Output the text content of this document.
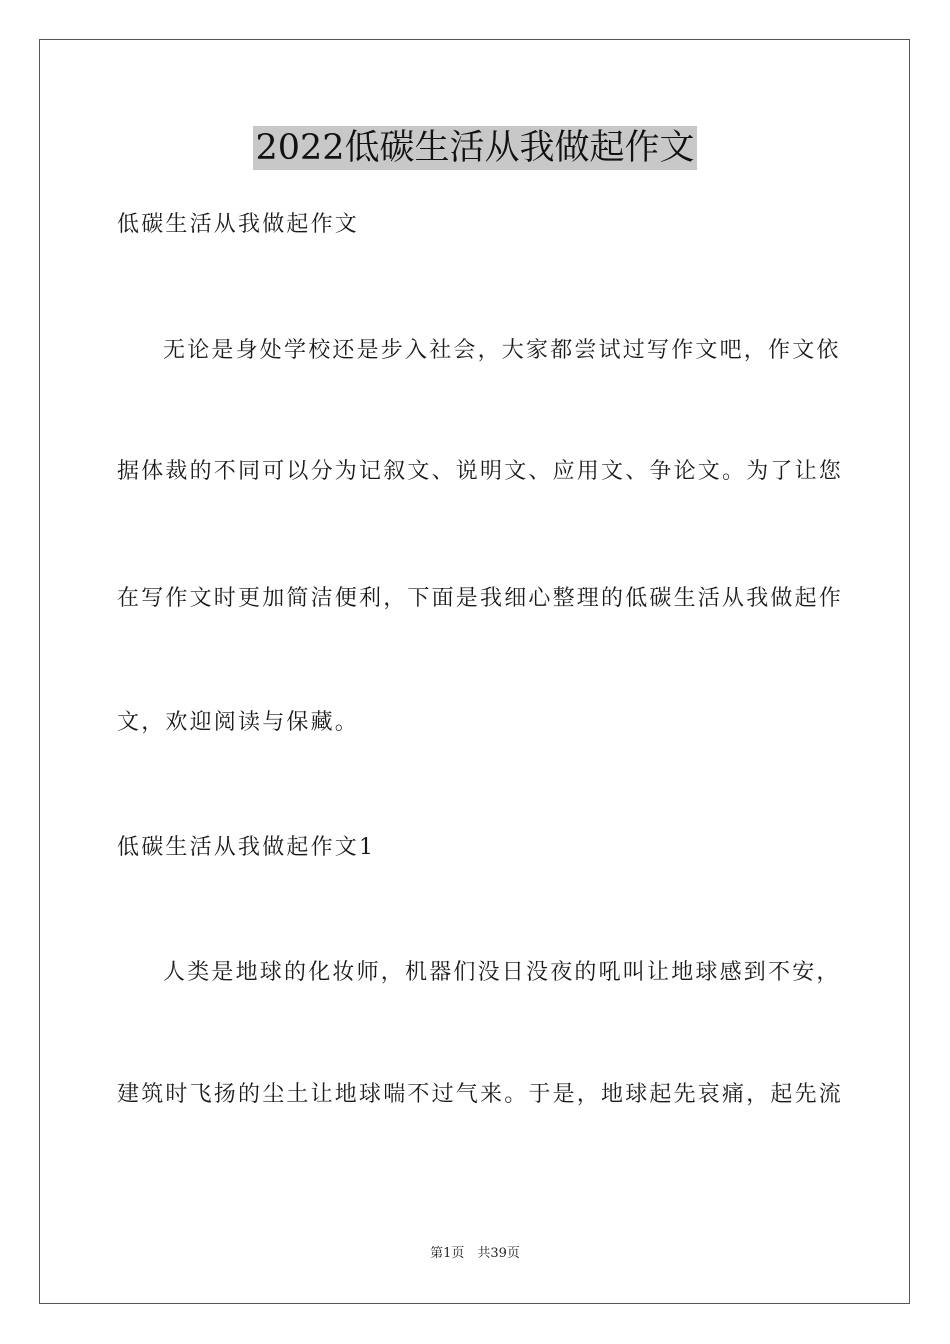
2022低碳生活从我做起作文
低碳生活从我做起作文
无论是身处学校还是步入社会，大家都尝试过写作文吧，作文依
据体裁的不同可以分为记叙文、说明文、应用文、争论文。为了让您
在写作文时更加简洁便利，下面是我细心整理的低碳生活从我做起作
文，欢迎阅读与保藏。
低碳生活从我做起作文1
人类是地球的化妆师，机器们没日没夜的吼叫让地球感到不安，
建筑时飞扬的尘土让地球喘不过气来。于是，地球起先哀痛，起先流
第1页　共39页
